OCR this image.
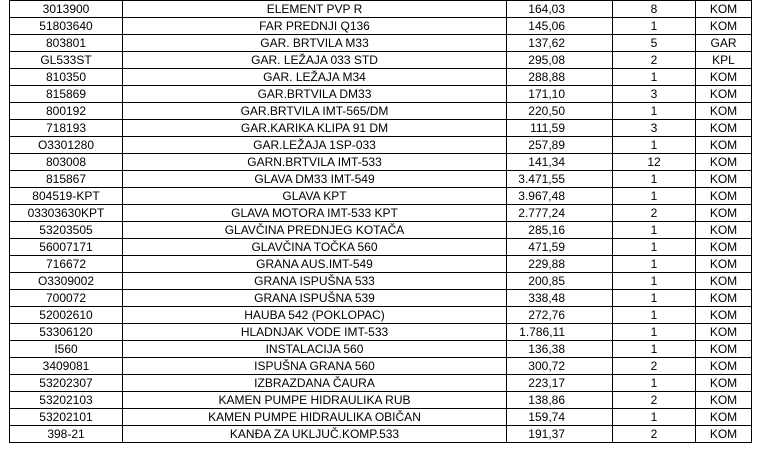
3013900	ELEMENT PVP R	164,03	8	KOM
51803640	FAR PREDNJI Q136	145,06	1	KOM
803801	GAR. BRTVILA M33	137,62	5	GAR
GL533ST	GAR. LEŽAJA 033 STD	295,08	2	KPL
810350	GAR. LEŽAJA M34	288,88	1	KOM
815869	GAR.BRTVILA DM33	171,10	3	KOM
800192	GAR.BRTVILA IMT-565/DM	220,50	1	KOM
718193	GAR.KARIKA KLIPA 91 DM	111,59	3	KOM
O3301280	GAR.LEŽAJA 1SP-033	257,89	1	KOM
803008	GARN.BRTVILA IMT-533	141,34	12	KOM
815867	GLAVA DM33 IMT-549	3.471,55	1	KOM
804519-KPT	GLAVA KPT	3.967,48	1	KOM
03303630KPT	GLAVA MOTORA IMT-533 KPT	2.777,24	2	KOM
53203505	GLAVČINA PREDNJEG KOTAČA	285,16	1	KOM
56007171	GLAVČINA TOČKA 560	471,59	1	KOM
716672	GRANA AUS.IMT-549	229,88	1	KOM
O3309002	GRANA ISPUŠNA 533	200,85	1	KOM
700072	GRANA ISPUŠNA 539	338,48	1	KOM
52002610	HAUBA 542 (POKLOPAC)	272,76	1	KOM
53306120	HLADNJAK VODE IMT-533	1.786,11	1	KOM
I560	INSTALACIJA 560	136,38	1	KOM
3409081	ISPUŠNA GRANA 560	300,72	2	KOM
53202307	IZBRAZDANA ČAURA	223,17	1	KOM
53202103	KAMEN PUMPE HIDRAULIKA RUB	138,86	2	KOM
53202101	KAMEN PUMPE HIDRAULIKA OBIČAN	159,74	1	KOM
398-21	KANĐA ZA UKLJUČ.KOMP.533	191,37	2	KOM
